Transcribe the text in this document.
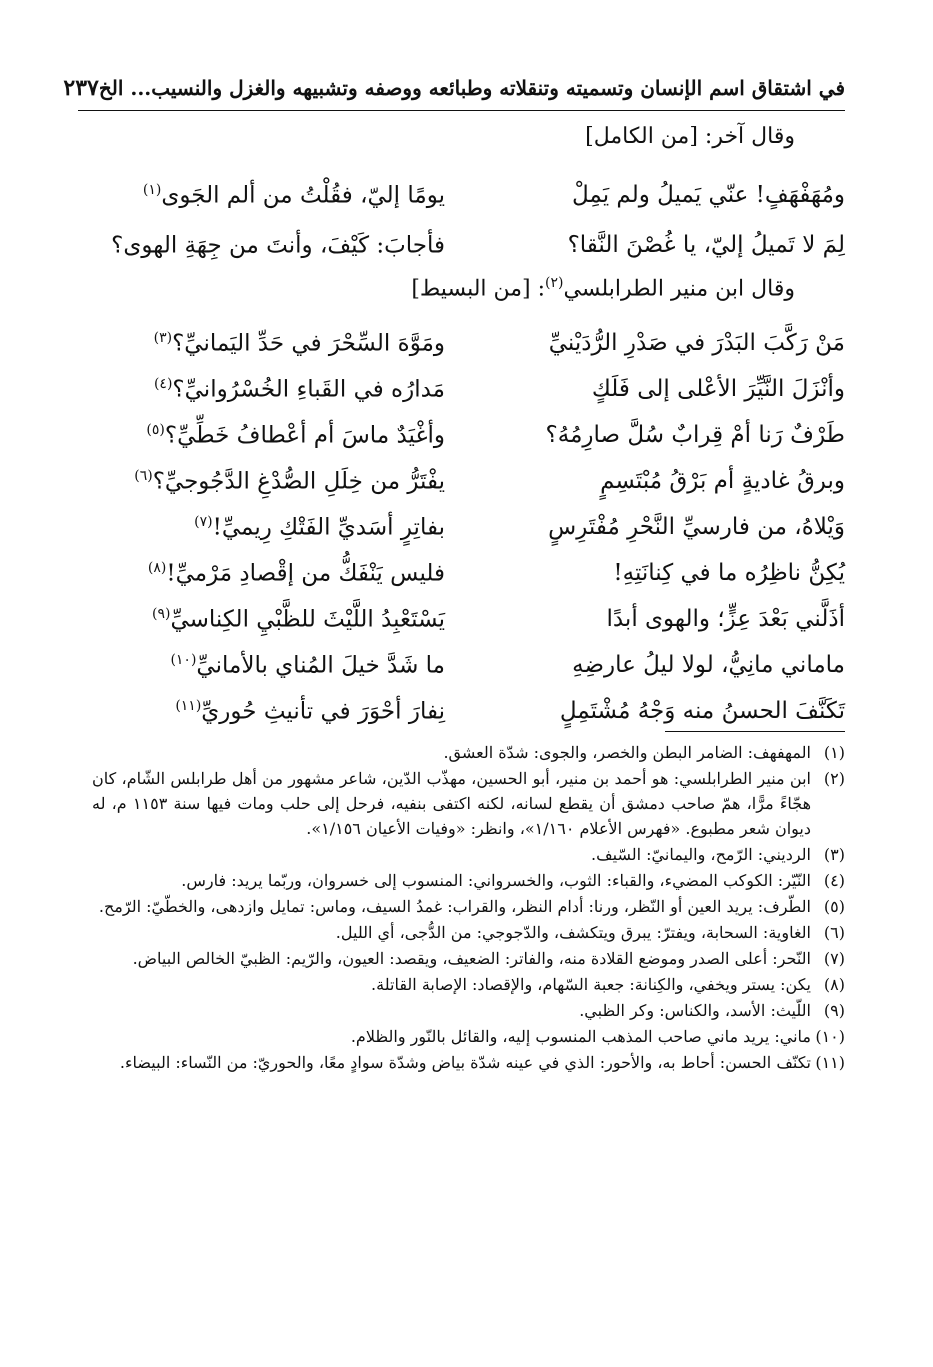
في اشتقاق اسم الإنسان وتسميته وتنقلاته وطبائعه ووصفه وتشبيهه والغزل والنسيب... الخ
٢٣٧
وقال آخر: [من الكامل]
ومُهَفْهَفٍ! عنّي يَميلُ ولم يَمِلْ
يومًا إليّ، فقُلْتُ من ألم الجَوى$^{(١)}$
لِمَ لا تَميلُ إليّ، يا غُصْنَ النَّقا؟
فأجابَ: كَيْفَ، وأنتَ من جِهَةِ الهوى؟
وقال ابن منير الطرابلسي$^{(٢)}$: [من البسيط]
مَنْ رَكَّبَ البَدْرَ في صَدْرِ الرُّدَيْنيِّ
ومَوَّهَ السِّحْرَ في حَدِّ اليَمانيِّ؟$^{(٣)}$
وأنْزَلَ النَّيِّرَ الأعْلى إلى فَلَكٍ
مَدارُه في القَباءِ الخُسْرُوانيِّ؟$^{(٤)}$
طَرْفٌ رَنا أمْ قِرابٌ سُلَّ صارِمُهُ؟
وأغْيَدٌ ماسَ أم أعْطافُ خَطِّيِّ؟$^{(٥)}$
وبرقُ غاديةٍ أم بَرْقُ مُبْتَسِمٍ
يفْتَرُّ من خِلَلِ الصُّدْغِ الدَّجُوجيِّ؟$^{(٦)}$
وَيْلاهُ، من فارسيِّ النَّحْرِ مُفْتَرِسٍ
بفاتِرٍ أسَديِّ الفَتْكِ رِيميِّ!$^{(٧)}$
يُكِنُّ ناظِرُه ما في كِنانَتِهِ!
فليس يَنْفَكُّ من إقْصادِ مَرْميِّ!$^{(٨)}$
أذَلَّني بَعْدَ عِزٍّ؛ والهوى أبدًا
يَسْتَعْبِدُ اللَّيْثَ للظَّبْيِ الكِناسيِّ$^{(٩)}$
ماماني مانِيُّ، لولا ليلُ عارضِهِ
ما شَدَّ خيلَ المُناي بالأمانيِّ$^{(١٠)}$
تَكَنَّفَ الحسنُ منه وَجْهُ مُشْتَمِلٍ
نِفارَ أحْوَرَ في تأنيثِ حُوريِّ$^{(١١)}$
(١)
المهفهف: الضامر البطن والخصر، والجوى: شدّة العشق.
(٢)
ابن منير الطرابلسي: هو أحمد بن منير، أبو الحسين، مهذّب الدّين، شاعر مشهور من أهل طرابلس الشّام، كان هجّاءً مرًّا، همّ صاحب دمشق أن يقطع لسانه، لكنه اكتفى بنفيه، فرحل إلى حلب ومات فيها سنة ١١٥٣ م، له ديوان شعر مطبوع. «فهرس الأعلام ١/١٦٠»، وانظر: «وفيات الأعيان ١/١٥٦».
(٣)
الرديني: الرّمح، واليمانيّ: السّيف.
(٤)
النّيّر: الكوكب المضيء، والقباء: الثوب، والخسرواني: المنسوب إلى خسروان، وربّما يريد: فارس.
(٥)
الطّرف: يريد العين أو النّظر، ورنا: أدام النظر، والقراب: غمدُ السيف، وماس: تمايل وازدهى، والخطّيّ: الرّمح.
(٦)
الغاوية: السحابة، ويفترّ: يبرق ويتكشف، والدّجوجي: من الدُّجى، أي الليل.
(٧)
النّحر: أعلى الصدر وموضع القلادة منه، والفاتر: الضعيف، ويقصد: العيون، والرّيم: الظبيّ الخالص البياض.
(٨)
يكن: يستر ويخفي، والكِنانة: جعبة السّهام، والإقصاد: الإصابة القاتلة.
(٩)
اللّيث: الأسد، والكناس: وكر الظبي.
(١٠)
ماني: يريد ماني صاحب المذهب المنسوب إليه، والقائل بالنّور والظلام.
(١١)
تكنّف الحسن: أحاط به، والأحور: الذي في عينه شدّة بياض وشدّة سوادٍ معًا، والحوريّ: من النّساء: البيضاء.
